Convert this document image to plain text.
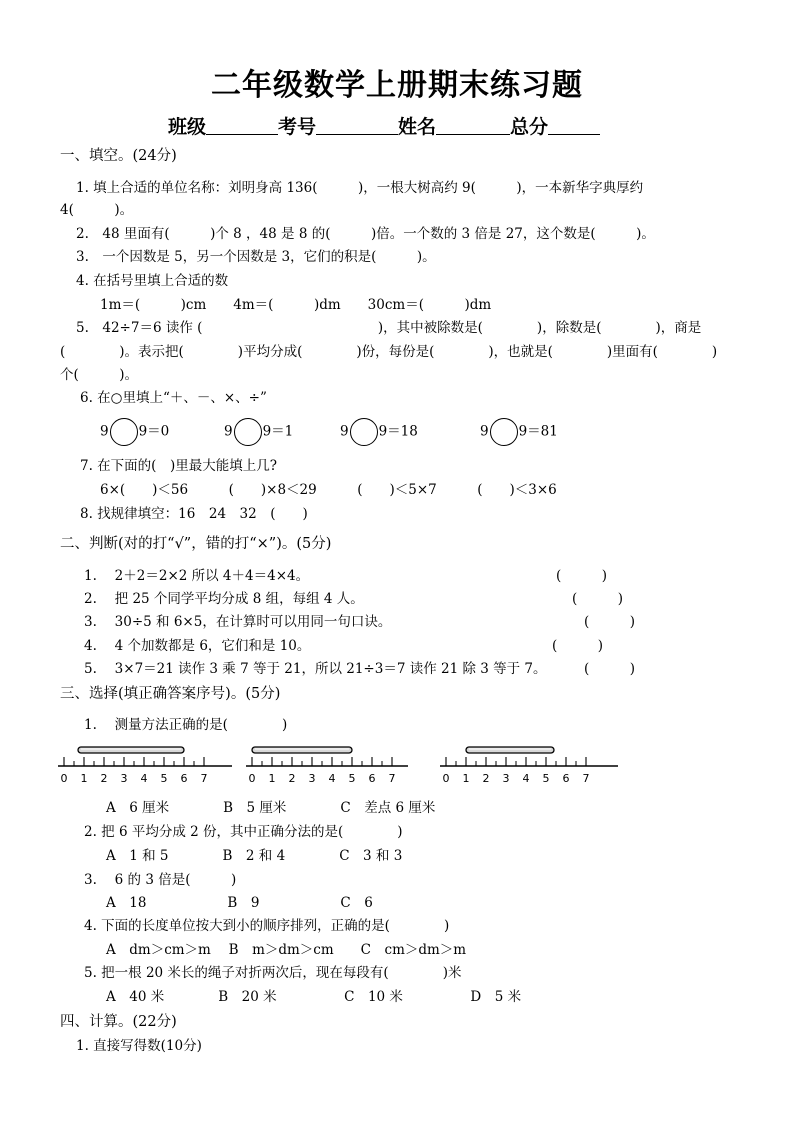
二年级数学上册期末练习题
班级	考号	姓名	总分
一、填空。(24分)
1. 填上合适的单位名称：刘明身高 136(　　　)，一根大树高约 9(　　　)，一本新华字典厚约
4(　　　)。
2.　48 里面有(　　　)个 8 ，48 是 8 的(　　　)倍。一个数的 3 倍是 27，这个数是(　　　)。
3.　一个因数是 5，另一个因数是 3，它们的积是(　　　)。
4. 在括号里填上合适的数
1m＝(　　　)cm　　4m＝(　　　)dm　　30cm＝(　　　)dm
5.　42÷7＝6 读作 (　　　　　　　　　　　　　)，其中被除数是(　　　　)，除数是(　　　　)，商是
(　　　　)。表示把(　　　　)平均分成(　　　　)份，每份是(　　　　)，也就是(　　　　)里面有(　　　　)
个(　　　)。
6. 在○里填上“＋、－、×、÷”
9 9＝0	9 9＝1	9 9＝18	9 9＝81
7. 在下面的(　)里最大能填上几?
6×(　　)＜56　　　(　　)×8＜29　　　(　　)＜5×7　　　(　　)＜3×6
8. 找规律填空：16　24　32　(　　)
二、判断(对的打“√”，错的打“×”)。(5分)
1.　 2＋2＝2×2 所以 4＋4＝4×4。	(　　　)
2.　 把 25 个同学平均分成 8 组，每组 4 人。	(　　　)
3.　 30÷5 和 6×5，在计算时可以用同一句口诀。	(　　　)
4.　 4 个加数都是 6，它们和是 10。	(　　　)
5.　 3×7＝21 读作 3 乘 7 等于 21，所以 21÷3＝7 读作 21 除 3 等于 7。	(　　　)
三、选择(填正确答案序号)。(5分)
1.　 测量方法正确的是(　　　　)
0 1 2 3 4 5 6 7	0 1 2 3 4 5 6 7	0 1 2 3 4 5 6 7
A　6 厘米　　　　B　5 厘米　　　　C　差点 6 厘米
2. 把 6 平均分成 2 份，其中正确分法的是(　　　　)
A　1 和 5　　　　B　2 和 4　　　　C　3 和 3
3.　 6 的 3 倍是(　　　)
A　18　　　　　　B　9　　　　　　C　6
4. 下面的长度单位按大到小的顺序排列，正确的是(　　　　)
A　dm＞cm＞m　 B　m＞dm＞cm　　C　cm＞dm＞m
5. 把一根 20 米长的绳子对折两次后，现在每段有(　　　　)米
A　40 米　　　　B　20 米　　　　　C　10 米　　　　　D　5 米
四、计算。(22分)
1. 直接写得数(10分)
